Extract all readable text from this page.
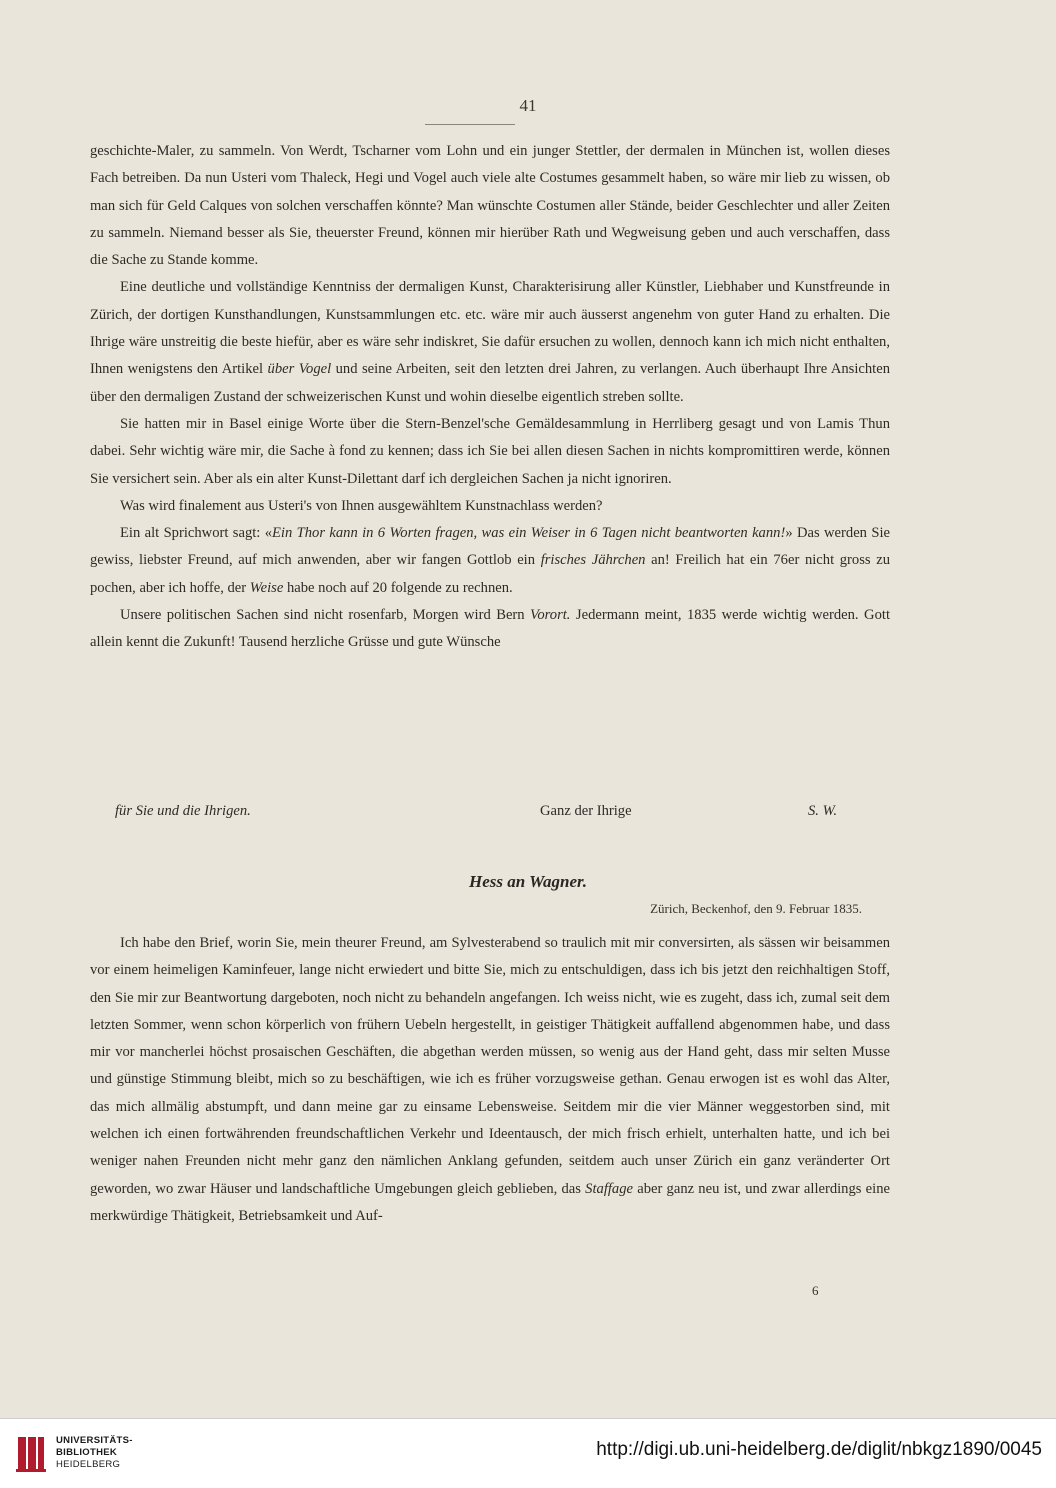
41

geschichte-Maler, zu sammeln. Von Werdt, Tscharner vom Lohn und ein junger Stettler, der dermalen in München ist, wollen dieses Fach betreiben. Da nun Usteri vom Thaleck, Hegi und Vogel auch viele alte Costumes gesammelt haben, so wäre mir lieb zu wissen, ob man sich für Geld Calques von solchen verschaffen könnte? Man wünschte Costumen aller Stände, beider Geschlechter und aller Zeiten zu sammeln. Niemand besser als Sie, theuerster Freund, können mir hierüber Rath und Wegweisung geben und auch verschaffen, dass die Sache zu Stande komme.

Eine deutliche und vollständige Kenntniss der dermaligen Kunst, Charakterisirung aller Künstler, Liebhaber und Kunstfreunde in Zürich, der dortigen Kunsthandlungen, Kunstsammlungen etc. etc. wäre mir auch äusserst angenehm von guter Hand zu erhalten. Die Ihrige wäre unstreitig die beste hiefür, aber es wäre sehr indiskret, Sie dafür ersuchen zu wollen, dennoch kann ich mich nicht enthalten, Ihnen wenigstens den Artikel über Vogel und seine Arbeiten, seit den letzten drei Jahren, zu verlangen. Auch überhaupt Ihre Ansichten über den dermaligen Zustand der schweizerischen Kunst und wohin dieselbe eigentlich streben sollte.

Sie hatten mir in Basel einige Worte über die Stern-Benzel'sche Gemäldesammlung in Herrliberg gesagt und von Lamis Thun dabei. Sehr wichtig wäre mir, die Sache à fond zu kennen; dass ich Sie bei allen diesen Sachen in nichts kompromittiren werde, können Sie versichert sein. Aber als ein alter Kunst-Dilettant darf ich dergleichen Sachen ja nicht ignoriren.

Was wird finalement aus Usteri's von Ihnen ausgewähltem Kunstnachlass werden?

Ein alt Sprichwort sagt: «Ein Thor kann in 6 Worten fragen, was ein Weiser in 6 Tagen nicht beantworten kann!» Das werden Sie gewiss, liebster Freund, auf mich anwenden, aber wir fangen Gottlob ein frisches Jährchen an! Freilich hat ein 76er nicht gross zu pochen, aber ich hoffe, der Weise habe noch auf 20 folgende zu rechnen.

Unsere politischen Sachen sind nicht rosenfarb, Morgen wird Bern Vorort. Jedermann meint, 1835 werde wichtig werden. Gott allein kennt die Zukunft! Tausend herzliche Grüsse und gute Wünsche

für Sie und die Ihrigen.	Ganz der Ihrige	S. W.
Hess an Wagner.
Zürich, Beckenhof, den 9. Februar 1835.

Ich habe den Brief, worin Sie, mein theurer Freund, am Sylvesterabend so traulich mit mir conversirten, als sässen wir beisammen vor einem heimeligen Kaminfeuer, lange nicht erwiedert und bitte Sie, mich zu entschuldigen, dass ich bis jetzt den reichhaltigen Stoff, den Sie mir zur Beantwortung dargeboten, noch nicht zu behandeln angefangen. Ich weiss nicht, wie es zugeht, dass ich, zumal seit dem letzten Sommer, wenn schon körperlich von frühern Uebeln hergestellt, in geistiger Thätigkeit auffallend abgenommen habe, und dass mir vor mancherlei höchst prosaischen Geschäften, die abgethan werden müssen, so wenig aus der Hand geht, dass mir selten Musse und günstige Stimmung bleibt, mich so zu beschäftigen, wie ich es früher vorzugsweise gethan. Genau erwogen ist es wohl das Alter, das mich allmälig abstumpft, und dann meine gar zu einsame Lebensweise. Seitdem mir die vier Männer weggestorben sind, mit welchen ich einen fortwährenden freundschaftlichen Verkehr und Ideentausch, der mich frisch erhielt, unterhalten hatte, und ich bei weniger nahen Freunden nicht mehr ganz den nämlichen Anklang gefunden, seitdem auch unser Zürich ein ganz veränderter Ort geworden, wo zwar Häuser und landschaftliche Umgebungen gleich geblieben, das Staffage aber ganz neu ist, und zwar allerdings eine merkwürdige Thätigkeit, Betriebsamkeit und Auf-

6
UNIVERSITÄTS-
BIBLIOTHEK
HEIDELBERG
http://digi.ub.uni-heidelberg.de/diglit/nbkgz1890/0045
